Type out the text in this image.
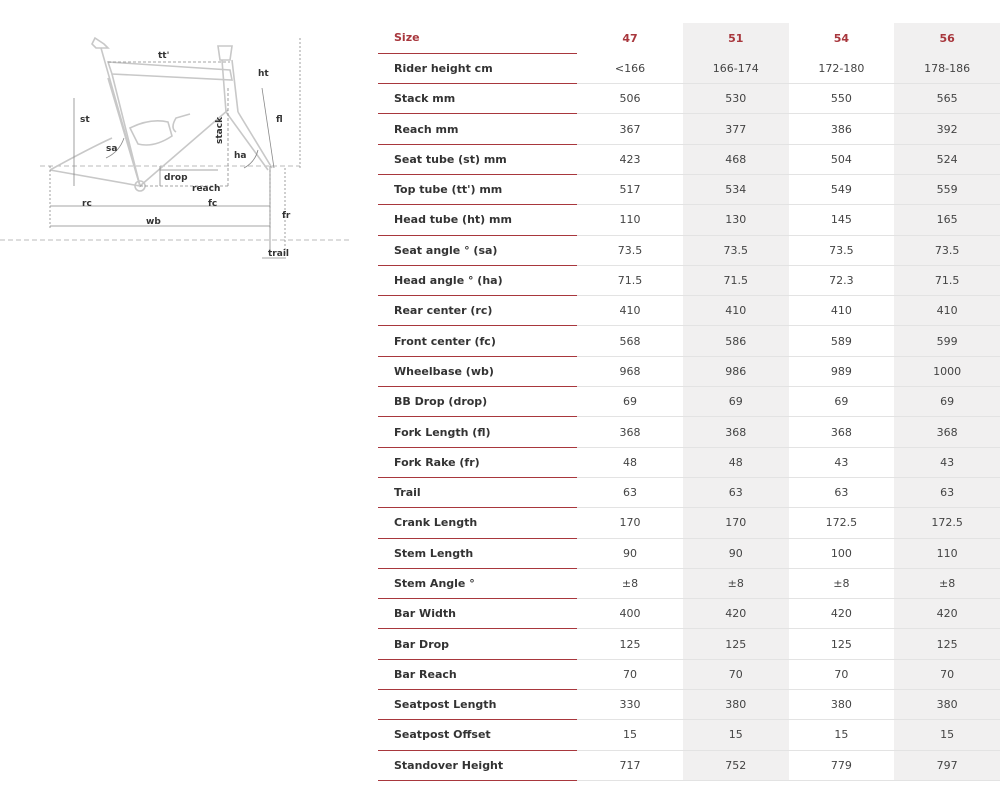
tt'
ht
st	fl
stack
sa
ha
drop
reach
rc	fc
wb
fr
trail
Size	47	51	54	56
Rider height cm	<166	166-174	172-180	178-186
Stack mm	506	530	550	565
Reach mm	367	377	386	392
Seat tube (st) mm	423	468	504	524
Top tube (tt') mm	517	534	549	559
Head tube (ht) mm	110	130	145	165
Seat angle ° (sa)	73.5	73.5	73.5	73.5
Head angle ° (ha)	71.5	71.5	72.3	71.5
Rear center (rc)	410	410	410	410
Front center (fc)	568	586	589	599
Wheelbase (wb)	968	986	989	1000
BB Drop (drop)	69	69	69	69
Fork Length (fl)	368	368	368	368
Fork Rake (fr)	48	48	43	43
Trail	63	63	63	63
Crank Length	170	170	172.5	172.5
Stem Length	90	90	100	110
Stem Angle °	±8	±8	±8	±8
Bar Width	400	420	420	420
Bar Drop	125	125	125	125
Bar Reach	70	70	70	70
Seatpost Length	330	380	380	380
Seatpost Offset	15	15	15	15
Standover Height	717	752	779	797
